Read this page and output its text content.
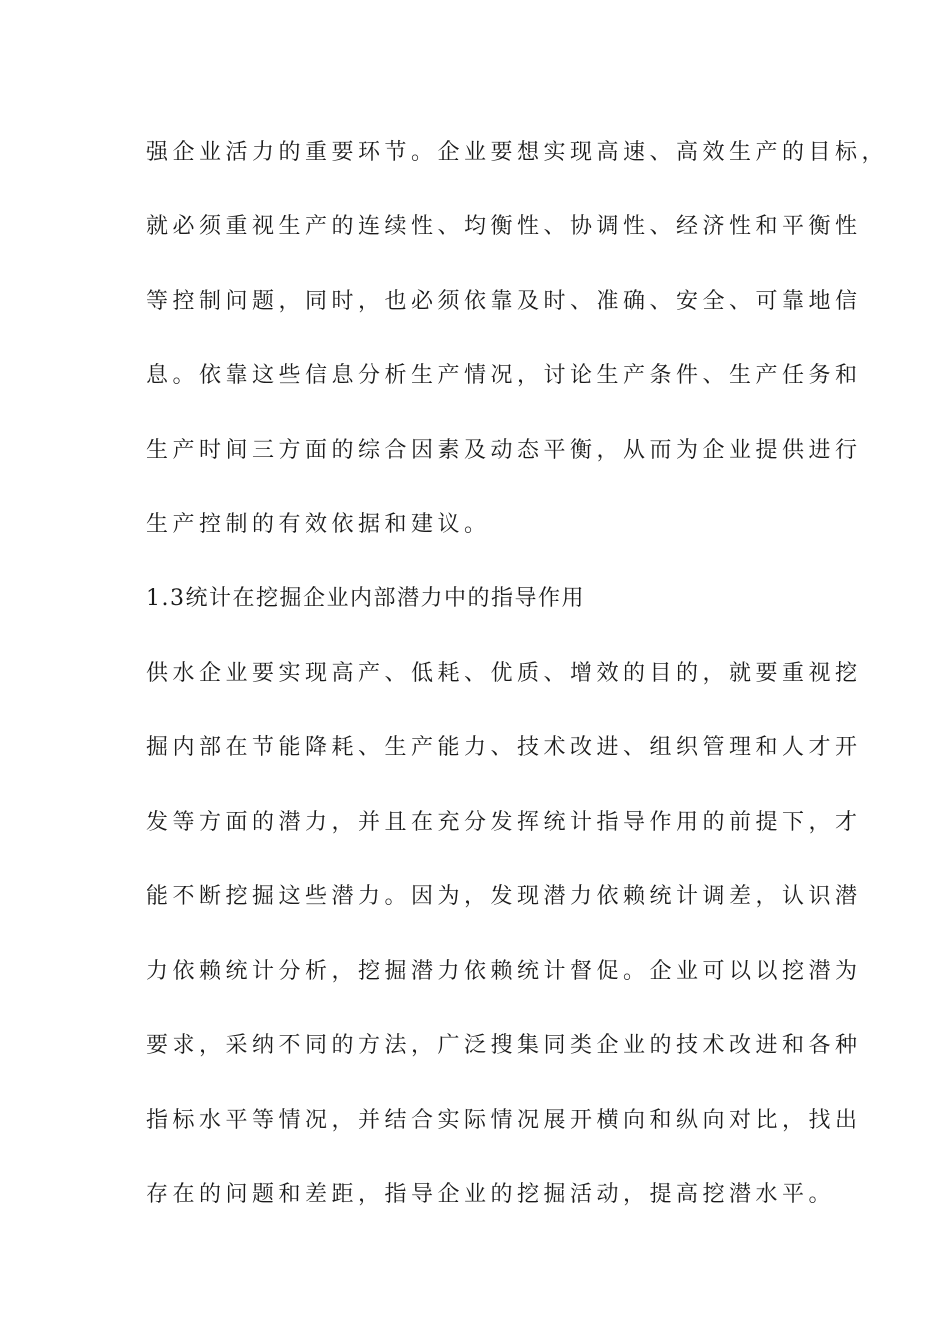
强企业活力的重要环节。企业要想实现高速、高效生产的目标，
就必须重视生产的连续性、均衡性、协调性、经济性和平衡性
等控制问题，同时，也必须依靠及时、准确、安全、可靠地信
息。依靠这些信息分析生产情况，讨论生产条件、生产任务和
生产时间三方面的综合因素及动态平衡，从而为企业提供进行
生产控制的有效依据和建议。
1.3统计在挖掘企业内部潜力中的指导作用
供水企业要实现高产、低耗、优质、增效的目的，就要重视挖
掘内部在节能降耗、生产能力、技术改进、组织管理和人才开
发等方面的潜力，并且在充分发挥统计指导作用的前提下，才
能不断挖掘这些潜力。因为，发现潜力依赖统计调差，认识潜
力依赖统计分析，挖掘潜力依赖统计督促。企业可以以挖潜为
要求，采纳不同的方法，广泛搜集同类企业的技术改进和各种
指标水平等情况，并结合实际情况展开横向和纵向对比，找出
存在的问题和差距，指导企业的挖掘活动，提高挖潜水平。
